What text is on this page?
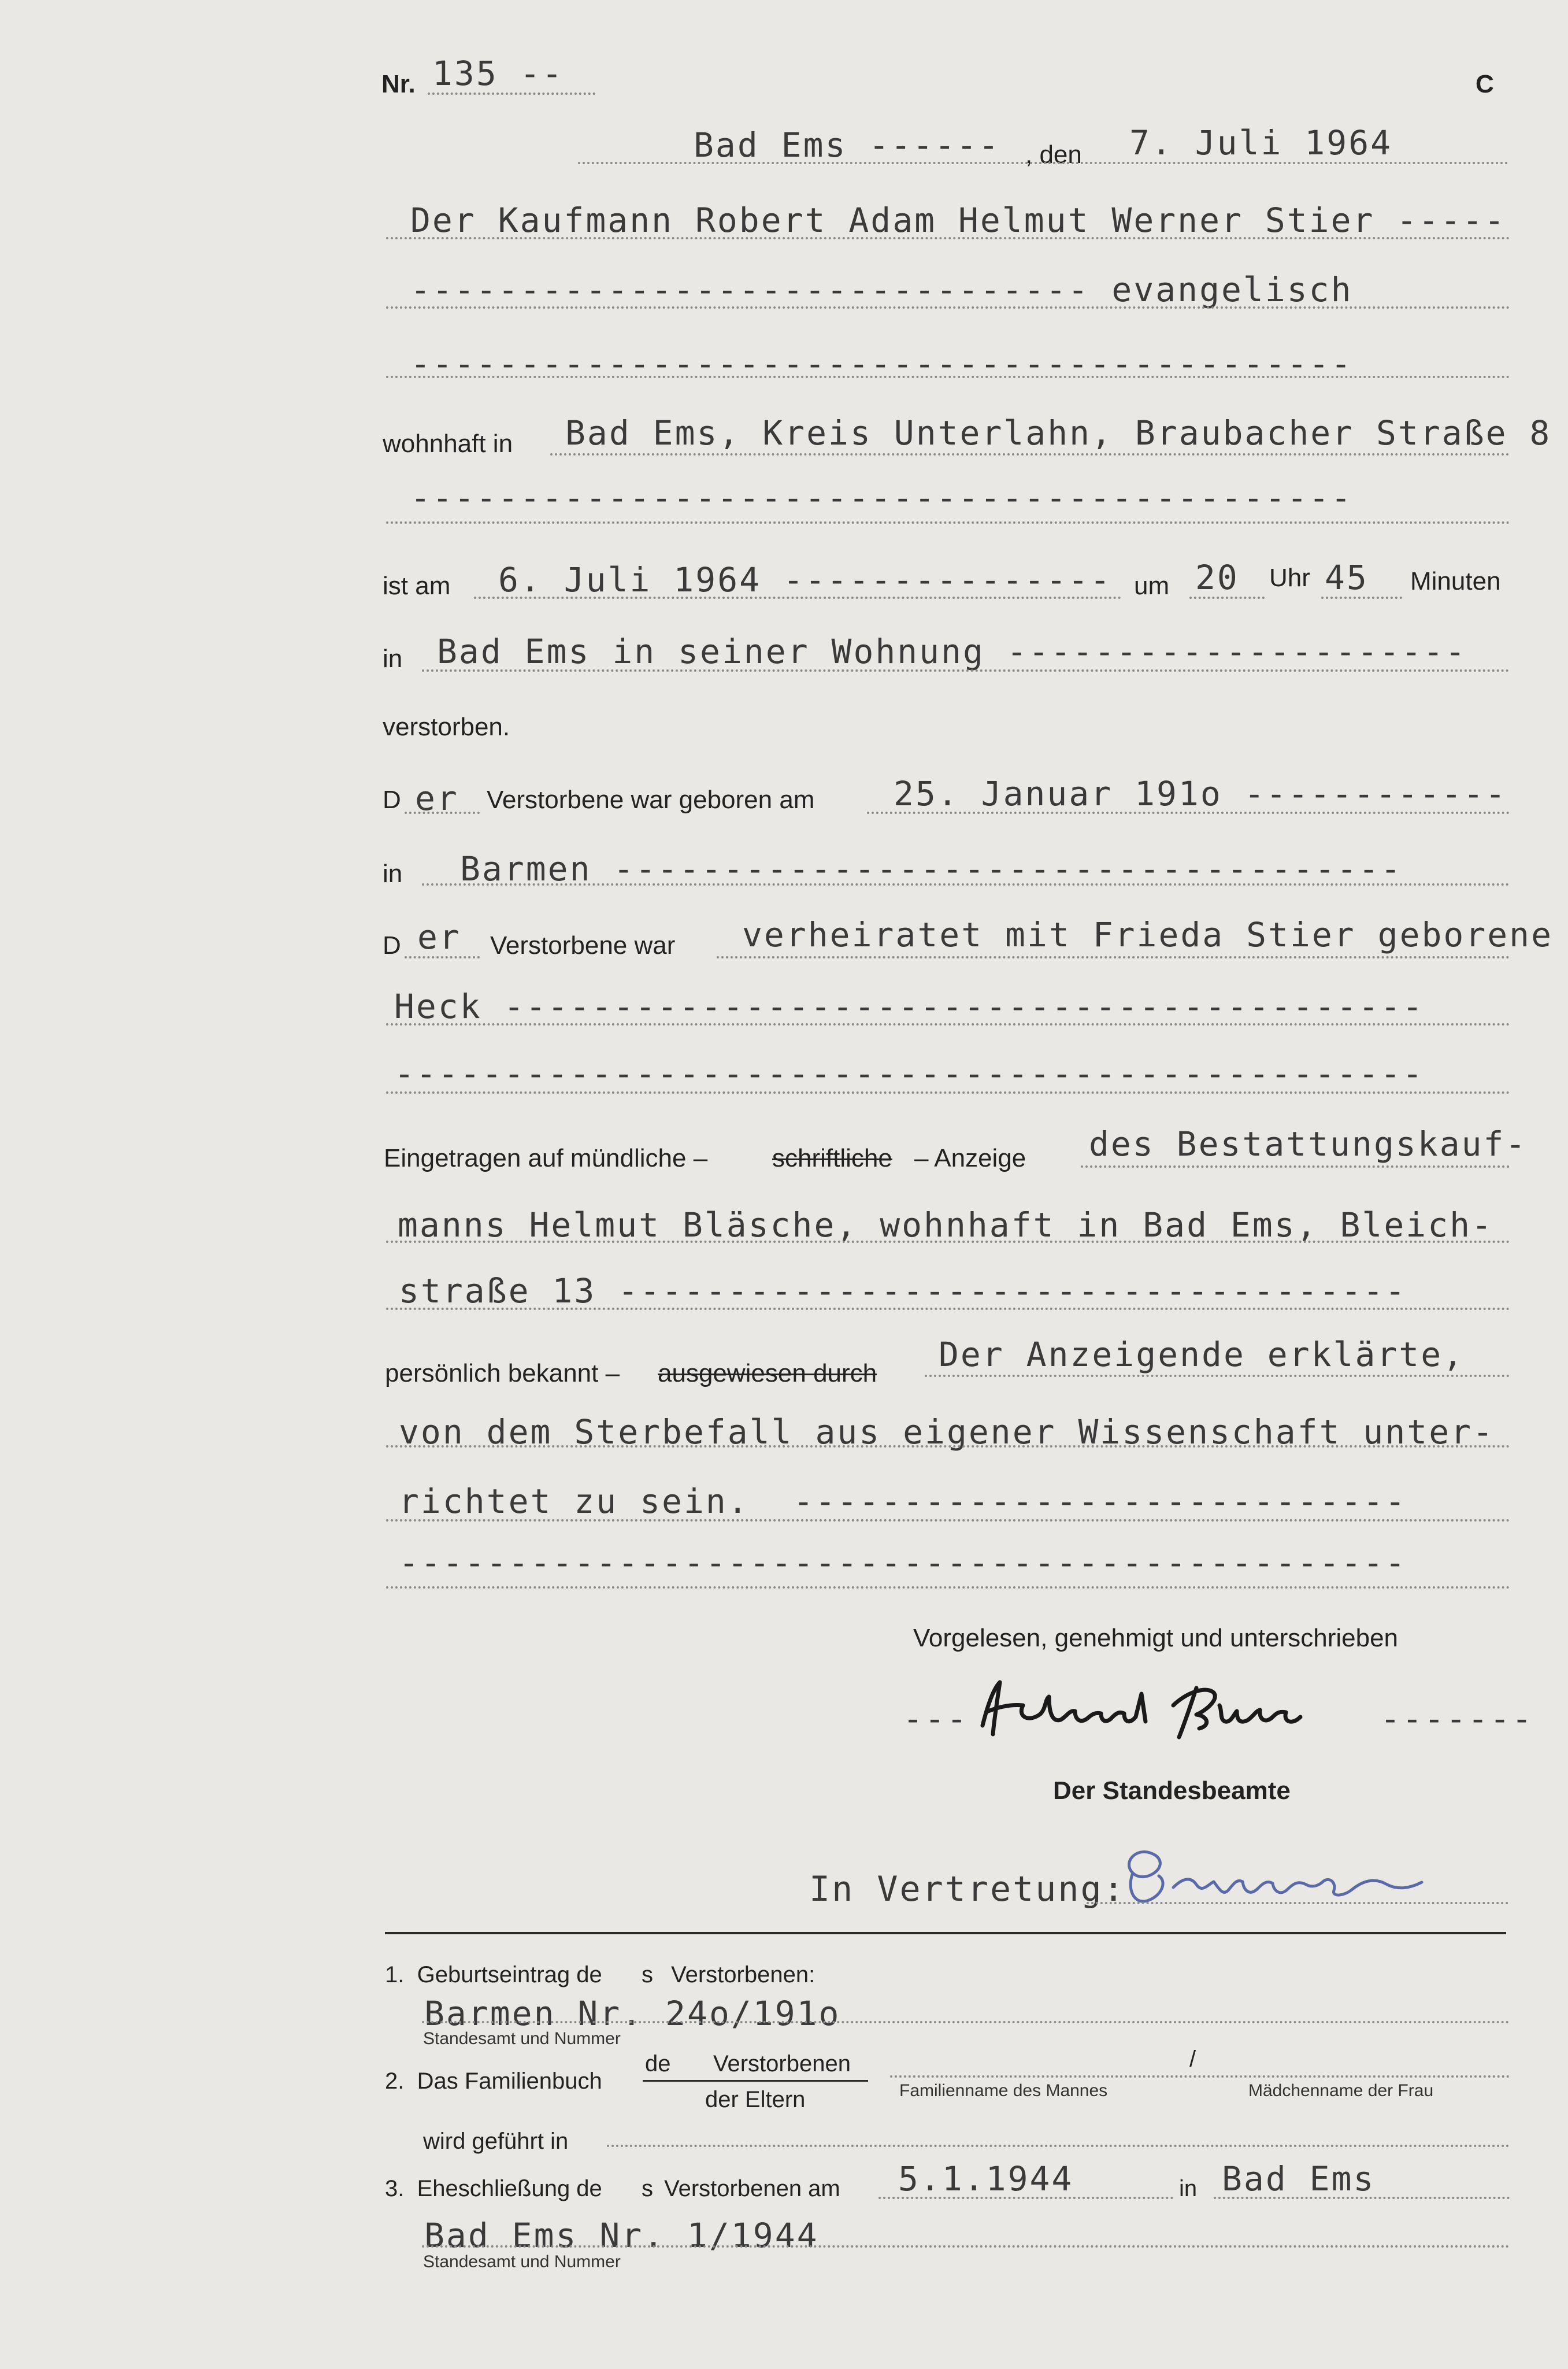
Nr. 135 --	C
Bad Ems ------ , den 7. Juli 1964
Der Kaufmann Robert Adam Helmut Werner Stier -----
------------------------------- evangelisch
-------------------------------------------
wohnhaft in Bad Ems, Kreis Unterlahn, Braubacher Straße 8
-------------------------------------------
ist am 6. Juli 1964 --------------- um 20 Uhr 45 Minuten
in Bad Ems in seiner Wohnung ---------------------
verstorben.
D er Verstorbene war geboren am 25. Januar 191o ------------
in Barmen ------------------------------------
D er Verstorbene war verheiratet mit Frieda Stier geborene
Heck ------------------------------------------
-----------------------------------------------
Eingetragen auf mündliche –	schriftliche – Anzeige des Bestattungskauf-
manns Helmut Bläsche, wohnhaft in Bad Ems, Bleich-
straße 13 ------------------------------------
persönlich bekannt – ausgewiesen durch Der Anzeigende erklärte,
von dem Sterbefall aus eigener Wissenschaft unter-
richtet zu sein.  ----------------------------
----------------------------------------------
Vorgelesen, genehmigt und unterschrieben
---	-------
Der Standesbeamte
In Vertretung:
1.  Geburtseintrag de s Verstorbenen:
Barmen Nr. 24o/191o
Standesamt und Nummer
2.  Das Familienbuch
de Verstorbenen
der Eltern
/
Familienname des Mannes	Mädchenname der Frau
wird geführt in
3.  Eheschließung de s Verstorbenen am 5.1.1944	in Bad Ems
Bad Ems Nr. 1/1944
Standesamt und Nummer
